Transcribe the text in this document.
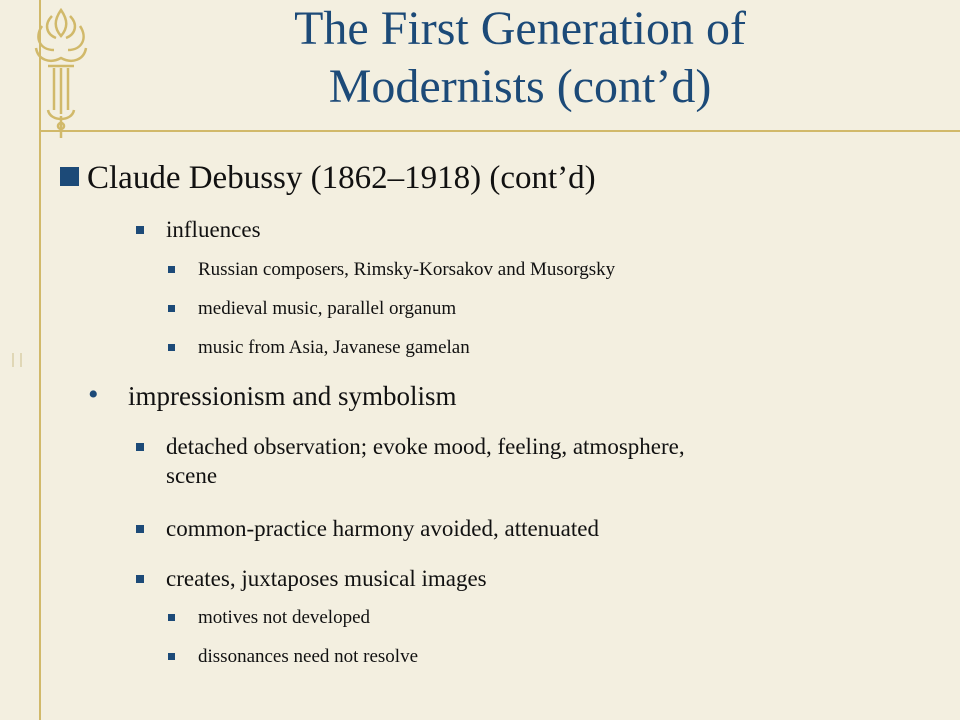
The First Generation of
Modernists (cont’d)
Claude Debussy (1862–1918) (cont’d)
influences
Russian composers, Rimsky-Korsakov and Musorgsky
medieval music, parallel organum
music from Asia, Javanese gamelan
• impressionism and symbolism
detached observation; evoke mood, feeling, atmosphere,
scene
common-practice harmony avoided, attenuated
creates, juxtaposes musical images
motives not developed
dissonances need not resolve
